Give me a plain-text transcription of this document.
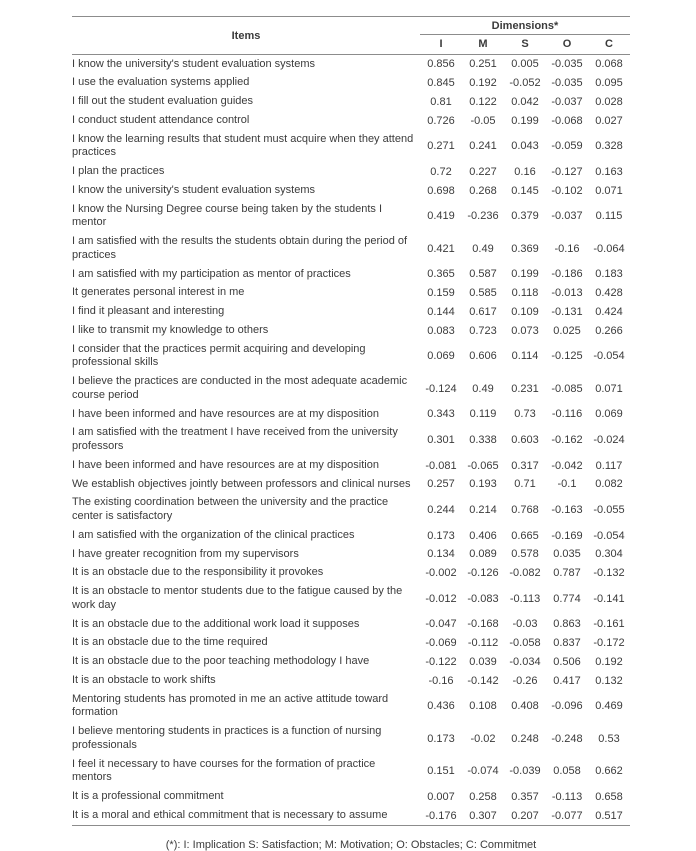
Items	Dimensions*				
	I	M	S	O	C
I know the university's student evaluation systems	0.856	0.251	0.005	-0.035	0.068
I use the evaluation systems applied	0.845	0.192	-0.052	-0.035	0.095
I fill out the student evaluation guides	0.81	0.122	0.042	-0.037	0.028
I conduct student attendance control	0.726	-0.05	0.199	-0.068	0.027
I know the learning results that student must acquire when they attend practices	0.271	0.241	0.043	-0.059	0.328
I plan the practices	0.72	0.227	0.16	-0.127	0.163
I know the university's student evaluation systems	0.698	0.268	0.145	-0.102	0.071
I know the Nursing Degree course being taken by the students I mentor	0.419	-0.236	0.379	-0.037	0.115
I am satisfied with the results the students obtain during the period of practices	0.421	0.49	0.369	-0.16	-0.064
I am satisfied with my participation as mentor of practices	0.365	0.587	0.199	-0.186	0.183
It generates personal interest in me	0.159	0.585	0.118	-0.013	0.428
I find it pleasant and interesting	0.144	0.617	0.109	-0.131	0.424
I like to transmit my knowledge to others	0.083	0.723	0.073	0.025	0.266
I consider that the practices permit acquiring and developing professional skills	0.069	0.606	0.114	-0.125	-0.054
I believe the practices are conducted in the most adequate academic course period	-0.124	0.49	0.231	-0.085	0.071
I have been informed and have resources are at my disposition	0.343	0.119	0.73	-0.116	0.069
I am satisfied with the treatment I have received from the university professors	0.301	0.338	0.603	-0.162	-0.024
I have been informed and have resources are at my disposition	-0.081	-0.065	0.317	-0.042	0.117
We establish objectives jointly between professors and clinical nurses	0.257	0.193	0.71	-0.1	0.082
The existing coordination between the university and the practice center is satisfactory	0.244	0.214	0.768	-0.163	-0.055
I am satisfied with the organization of the clinical practices	0.173	0.406	0.665	-0.169	-0.054
I have greater recognition from my supervisors	0.134	0.089	0.578	0.035	0.304
It is an obstacle due to the responsibility it provokes	-0.002	-0.126	-0.082	0.787	-0.132
It is an obstacle to mentor students due to the fatigue caused by the work day	-0.012	-0.083	-0.113	0.774	-0.141
It is an obstacle due to the additional work load it supposes	-0.047	-0.168	-0.03	0.863	-0.161
It is an obstacle due to the time required	-0.069	-0.112	-0.058	0.837	-0.172
It is an obstacle due to the poor teaching methodology I have	-0.122	0.039	-0.034	0.506	0.192
It is an obstacle to work shifts	-0.16	-0.142	-0.26	0.417	0.132
Mentoring students has promoted in me an active attitude toward formation	0.436	0.108	0.408	-0.096	0.469
I believe mentoring students in practices is a function of nursing professionals	0.173	-0.02	0.248	-0.248	0.53
I feel it necessary to have courses for the formation of practice mentors	0.151	-0.074	-0.039	0.058	0.662
It is a professional commitment	0.007	0.258	0.357	-0.113	0.658
It is a moral and ethical commitment that is necessary to assume	-0.176	0.307	0.207	-0.077	0.517
(*): I: Implication S: Satisfaction; M: Motivation; O: Obstacles; C: Commitmet
